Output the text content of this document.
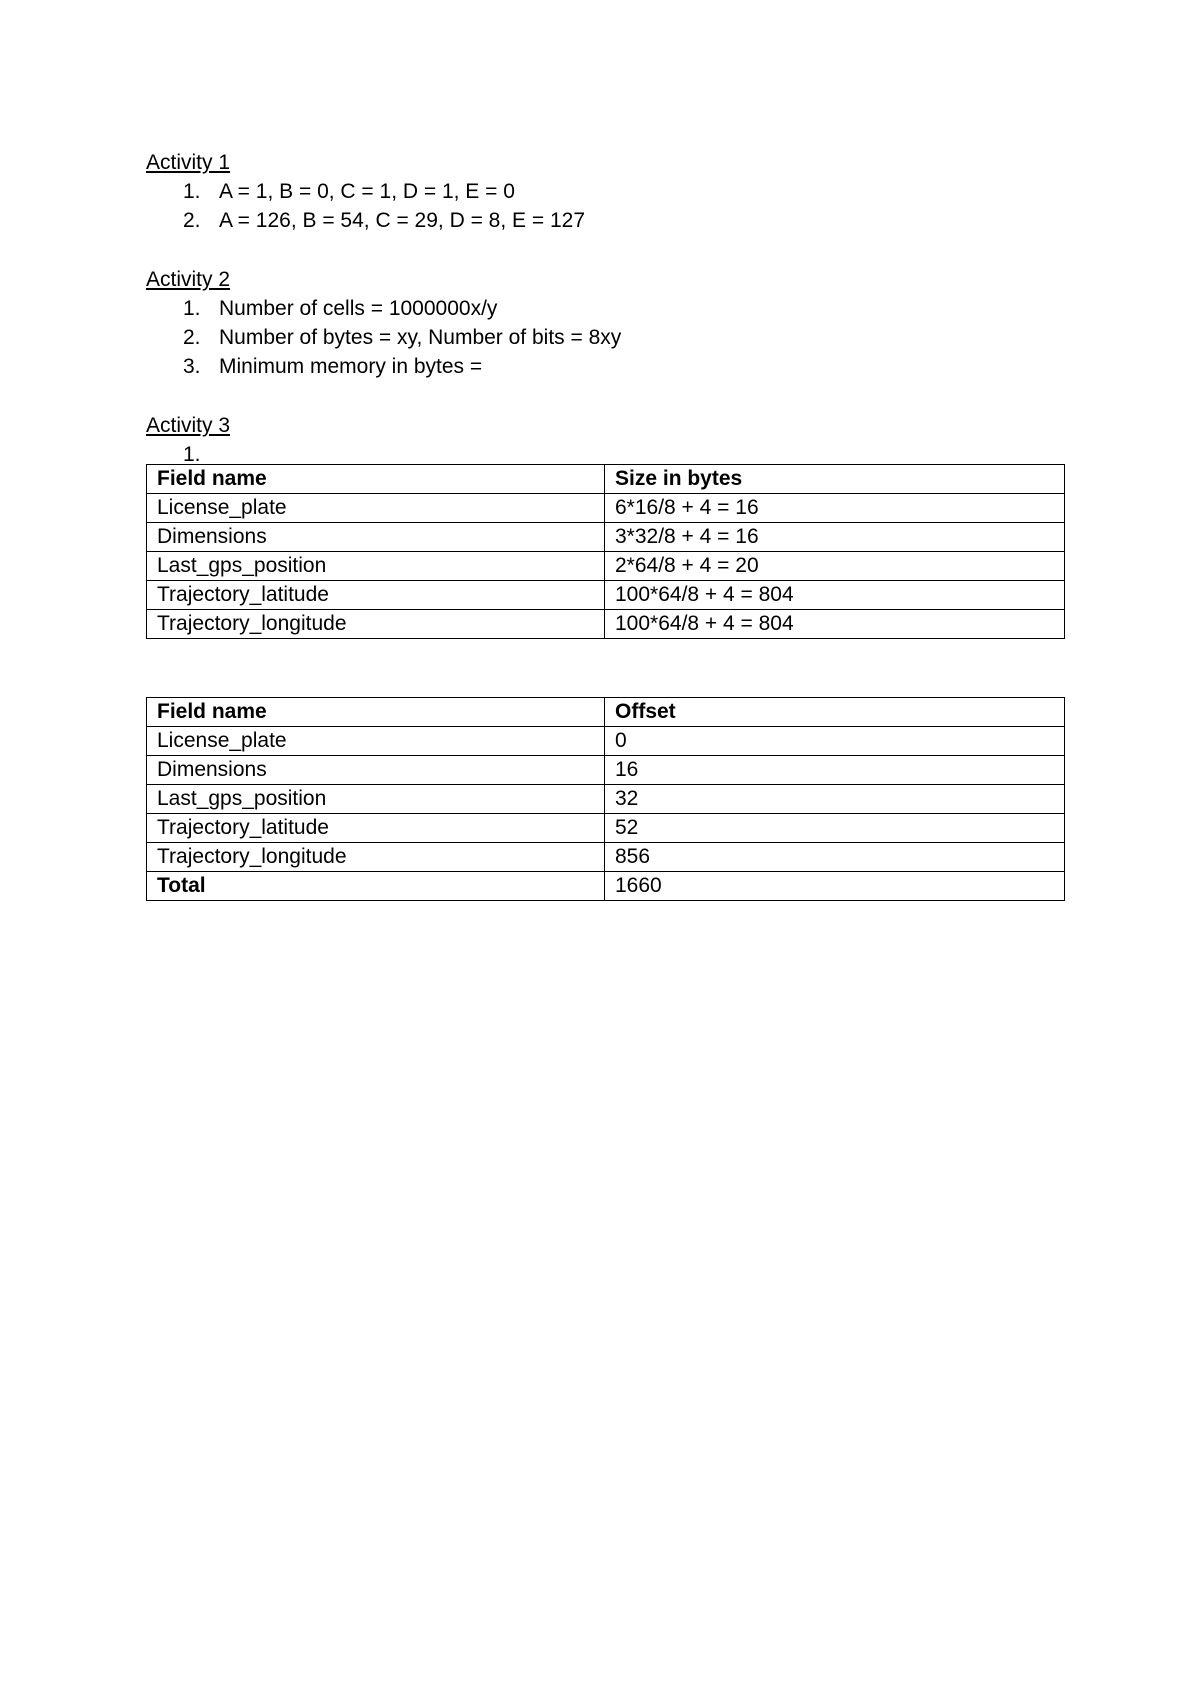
Activity 1
1. A = 1, B = 0, C = 1, D = 1, E = 0
2. A = 126, B = 54, C = 29, D = 8, E = 127
Activity 2
1. Number of cells = 1000000x/y
2. Number of bytes = xy, Number of bits = 8xy
3. Minimum memory in bytes =
Activity 3
1.
Field name	Size in bytes
License_plate	6*16/8 + 4 = 16
Dimensions	3*32/8 + 4 = 16
Last_gps_position	2*64/8 + 4 = 20
Trajectory_latitude	100*64/8 + 4 = 804
Trajectory_longitude	100*64/8 + 4 = 804
Field name	Offset
License_plate	0
Dimensions	16
Last_gps_position	32
Trajectory_latitude	52
Trajectory_longitude	856
Total	1660
